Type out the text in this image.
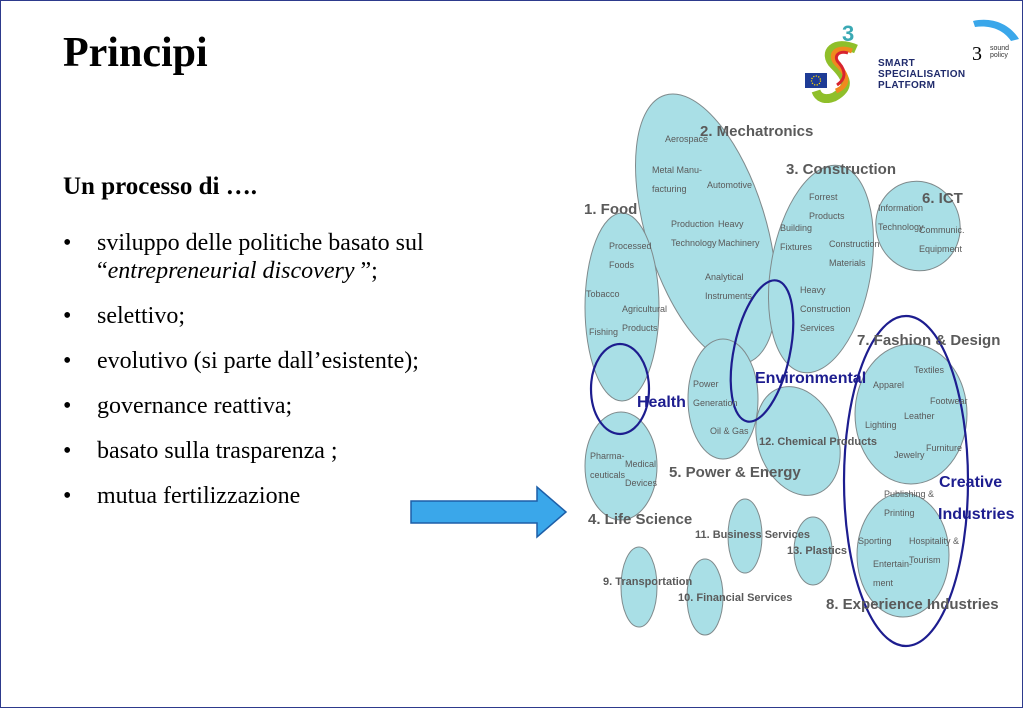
Principi	3
SMART
SPECIALISATION
PLATFORM
3 sound
policy
Un processo di ….
• sviluppo delle politiche basato sul
“entrepreneurial discovery ”;
• selettivo;
• evolutivo (si parte dall’esistente);
• governance reattiva;
• basato sulla trasparenza ;
• mutua fertilizzazione
2. Mechatronics
3. Construction
1. Food
6. ICT
7. Fashion & Design
5. Power & Energy
4. Life Science
8. Experience Industries
12. Chemical Products
11. Business Services
13. Plastics
9. Transportation
10. Financial Services
Health
Environmental
Creative
Industries
Aerospace
Metal Manu-
facturing Automotive
Production
Technology
Heavy
Machinery
Analytical
Instruments
Forrest
Products
Building
Fixtures Construction
Materials
Heavy
Construction
Services
Processed
Foods
Tobacco
Agricultural
Products
Fishing
Information
Technology
Communic.
Equipment
Apparel
Textiles
Footwear
Lighting
Leather
Jewelry
Furniture
Power
Generation
Oil & Gas
Pharma-
ceuticals
Medical
Devices
Publishing &
Printing
Sporting Hospitality &
Tourism
Entertain-
ment
